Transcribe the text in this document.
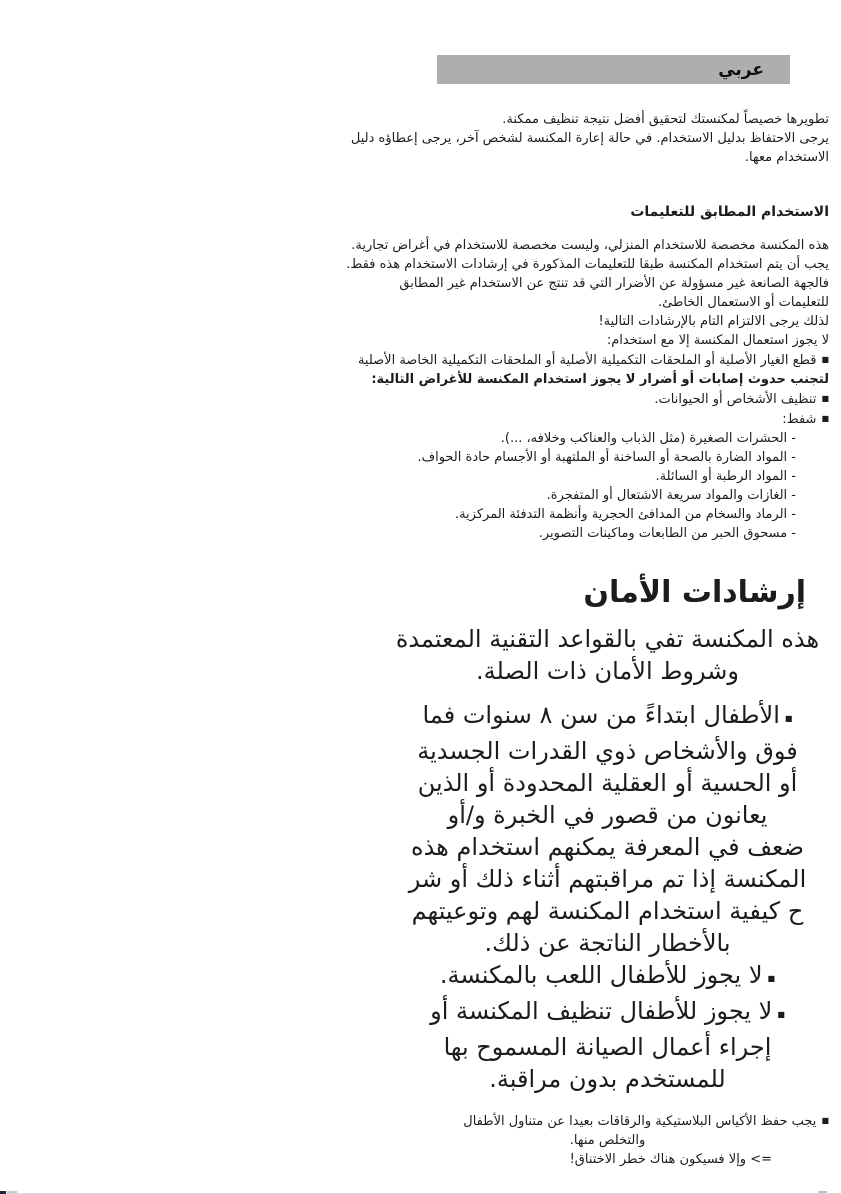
عربي
تطويرها خصيصاً لمكنستك لتحقيق أفضل نتيجة تنظيف ممكنة.
يرجى الاحتفاظ بدليل الاستخدام. في حالة إعارة المكنسة لشخص آخر، يرجى إعطاؤه دليل
الاستخدام معها.
الاستخدام المطابق للتعليمات
هذه المكنسة مخصصة للاستخدام المنزلي، وليست مخصصة للاستخدام في أغراض تجارية.
يجب أن يتم استخدام المكنسة طبقا للتعليمات المذكورة في إرشادات الاستخدام هذه فقط.
فالجهة الصانعة غير مسؤولة عن الأضرار التي قد تنتج عن الاستخدام غير المطابق
للتعليمات أو الاستعمال الخاطئ.
لذلك يرجى الالتزام التام بالإرشادات التالية!
لا يجوز استعمال المكنسة إلا مع استخدام:
■قطع الغيار الأصلية أو الملحقات التكميلية الأصلية أو الملحقات التكميلية الخاصة الأصلية
لتجنب حدوث إصابات أو أضرار لا يجوز استخدام المكنسة للأغراض التالية:
■تنظيف الأشخاص أو الحيوانات.
■شفط:
- الحشرات الصغيرة (مثل الذباب والعناكب وخلافه، ...).
- المواد الضارة بالصحة أو الساخنة أو الملتهبة أو الأجسام حادة الحواف.
- المواد الرطبة أو السائلة.
- الغازات والمواد سريعة الاشتعال أو المتفجرة.
- الرماد والسخام من المدافئ الحجرية وأنظمة التدفئة المركزية.
- مسحوق الحبر من الطابعات وماكينات التصوير.
إرشادات الأمان
هذه المكنسة تفي بالقواعد التقنية المعتمدة
وشروط الأمان ذات الصلة.
■الأطفال ابتداءً من سن ٨ سنوات فما
فوق والأشخاص ذوي القدرات الجسدية
أو الحسية أو العقلية المحدودة أو الذين
يعانون من قصور في الخبرة و/أو
ضعف في المعرفة يمكنهم استخدام هذه
المكنسة إذا تم مراقبتهم أثناء ذلك أو شر
ح كيفية استخدام المكنسة لهم وتوعيتهم
بالأخطار الناتجة عن ذلك.
■لا يجوز للأطفال اللعب بالمكنسة.
■لا يجوز للأطفال تنظيف المكنسة أو
إجراء أعمال الصيانة المسموح بها
للمستخدم بدون مراقبة.
■يجب حفظ الأكياس البلاستيكية والرقاقات بعيدا عن متناول الأطفال
والتخلص منها.
=> وإلا فسيكون هناك خطر الاختناق!
